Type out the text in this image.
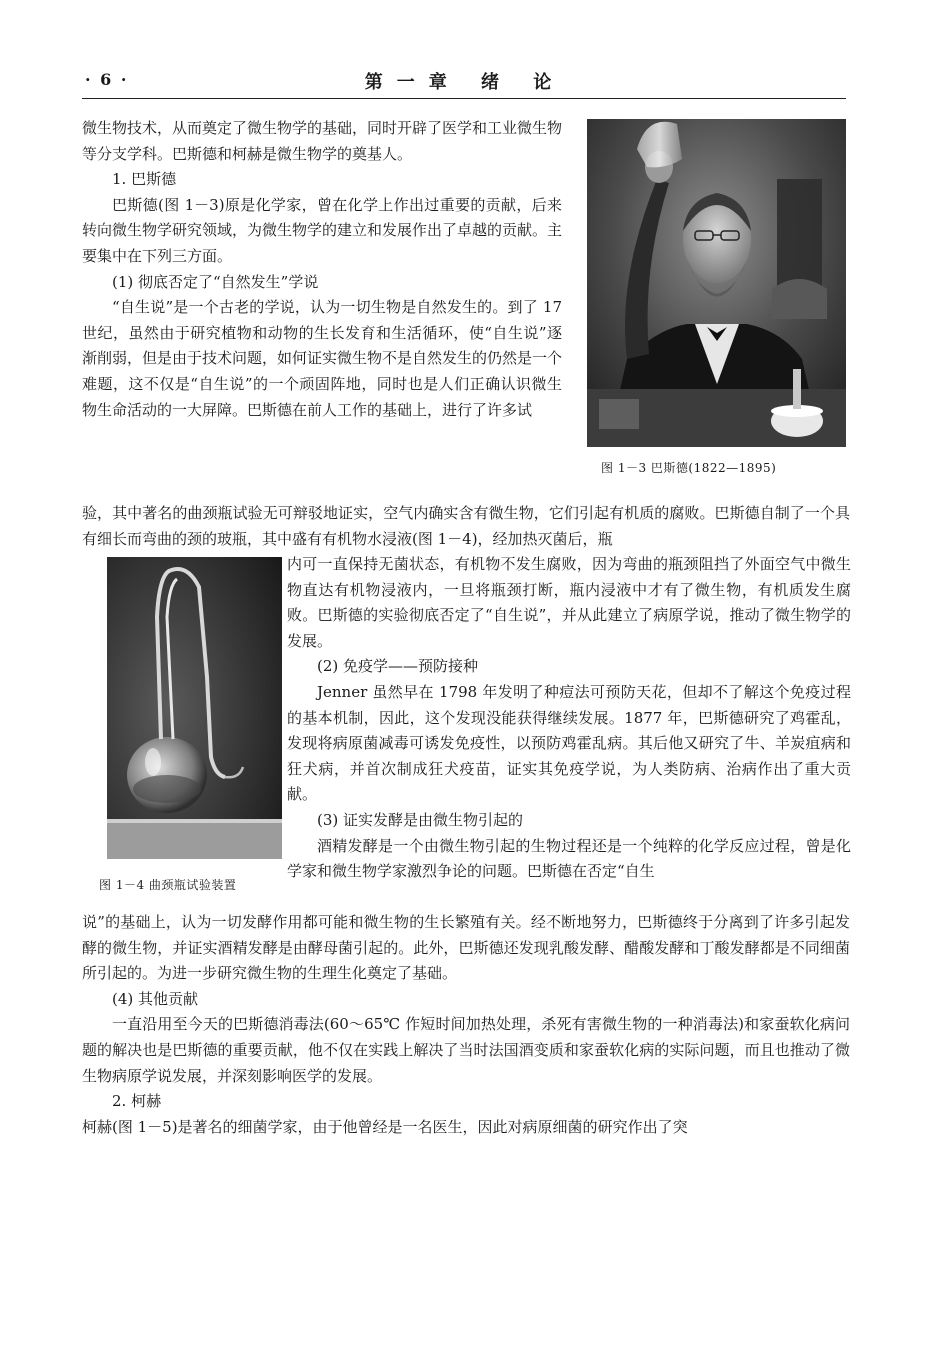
· 6 ·	第一章 绪 论

微生物技术，从而奠定了微生物学的基础，同时开辟了医学和工业微生物等分支学科。巴斯德和柯赫是微生物学的奠基人。

1. 巴斯德

巴斯德(图 1－3)原是化学家，曾在化学上作出过重要的贡献，后来转向微生物学研究领域，为微生物学的建立和发展作出了卓越的贡献。主要集中在下列三方面。

(1) 彻底否定了“自然发生”学说

“自生说”是一个古老的学说，认为一切生物是自然发生的。到了 17 世纪，虽然由于研究植物和动物的生长发育和生活循环，使“自生说”逐渐削弱，但是由于技术问题，如何证实微生物不是自然发生的仍然是一个难题，这不仅是“自生说”的一个顽固阵地，同时也是人们正确认识微生物生命活动的一大屏障。巴斯德在前人工作的基础上，进行了许多试

图 1－3 巴斯德(1822—1895)

验，其中著名的曲颈瓶试验无可辩驳地证实，空气内确实含有微生物，它们引起有机质的腐败。巴斯德自制了一个具有细长而弯曲的颈的玻瓶，其中盛有有机物水浸液(图 1－4)，经加热灭菌后，瓶

图 1－4 曲颈瓶试验装置

内可一直保持无菌状态，有机物不发生腐败，因为弯曲的瓶颈阻挡了外面空气中微生物直达有机物浸液内，一旦将瓶颈打断，瓶内浸液中才有了微生物，有机质发生腐败。巴斯德的实验彻底否定了“自生说”，并从此建立了病原学说，推动了微生物学的发展。

(2) 免疫学——预防接种

Jenner 虽然早在 1798 年发明了种痘法可预防天花，但却不了解这个免疫过程的基本机制，因此，这个发现没能获得继续发展。1877 年，巴斯德研究了鸡霍乱，发现将病原菌减毒可诱发免疫性，以预防鸡霍乱病。其后他又研究了牛、羊炭疽病和狂犬病，并首次制成狂犬疫苗，证实其免疫学说，为人类防病、治病作出了重大贡献。

(3) 证实发酵是由微生物引起的

酒精发酵是一个由微生物引起的生物过程还是一个纯粹的化学反应过程，曾是化学家和微生物学家激烈争论的问题。巴斯德在否定“自生

说”的基础上，认为一切发酵作用都可能和微生物的生长繁殖有关。经不断地努力，巴斯德终于分离到了许多引起发酵的微生物，并证实酒精发酵是由酵母菌引起的。此外，巴斯德还发现乳酸发酵、醋酸发酵和丁酸发酵都是不同细菌所引起的。为进一步研究微生物的生理生化奠定了基础。

(4) 其他贡献

一直沿用至今天的巴斯德消毒法(60～65℃ 作短时间加热处理，杀死有害微生物的一种消毒法)和家蚕软化病问题的解决也是巴斯德的重要贡献，他不仅在实践上解决了当时法国酒变质和家蚕软化病的实际问题，而且也推动了微生物病原学说发展，并深刻影响医学的发展。

2. 柯赫

柯赫(图 1－5)是著名的细菌学家，由于他曾经是一名医生，因此对病原细菌的研究作出了突
